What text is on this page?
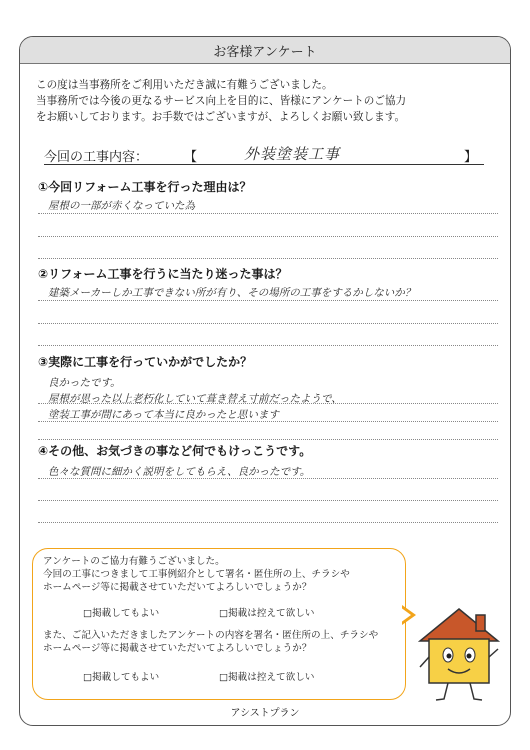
お客様アンケート
この度は当事務所をご利用いただき誠に有難うございました。
当事務所では今後の更なるサービス向上を目的に、皆様にアンケートのご協力
をお願いしております。お手数ではございますが、よろしくお願い致します。
今回の工事内容：	【	外装塗装工事	】
①今回リフォーム工事を行った理由は？
屋根の一部が赤くなっていた為
②リフォーム工事を行うに当たり迷った事は？
建築メーカーしか工事できない所が有り、その場所の工事をするかしないか？
③実際に工事を行っていかがでしたか？
良かったです。
屋根が思った以上老朽化していて葺き替え寸前だったようで、
塗装工事が間にあって本当に良かったと思います
④その他、お気づきの事など何でもけっこうです。
色々な質問に細かく説明をしてもらえ、良かったです。
アンケートのご協力有難うございました。
今回の工事につきまして工事例紹介として署名・匿住所の上、チラシや
ホームページ等に掲載させていただいてよろしいでしょうか？
□掲載してもよい	□掲載は控えて欲しい
また、ご記入いただきましたアンケートの内容を署名・匿住所の上、チラシや
ホームページ等に掲載させていただいてよろしいでしょうか？
□掲載してもよい	□掲載は控えて欲しい
アシストプラン
